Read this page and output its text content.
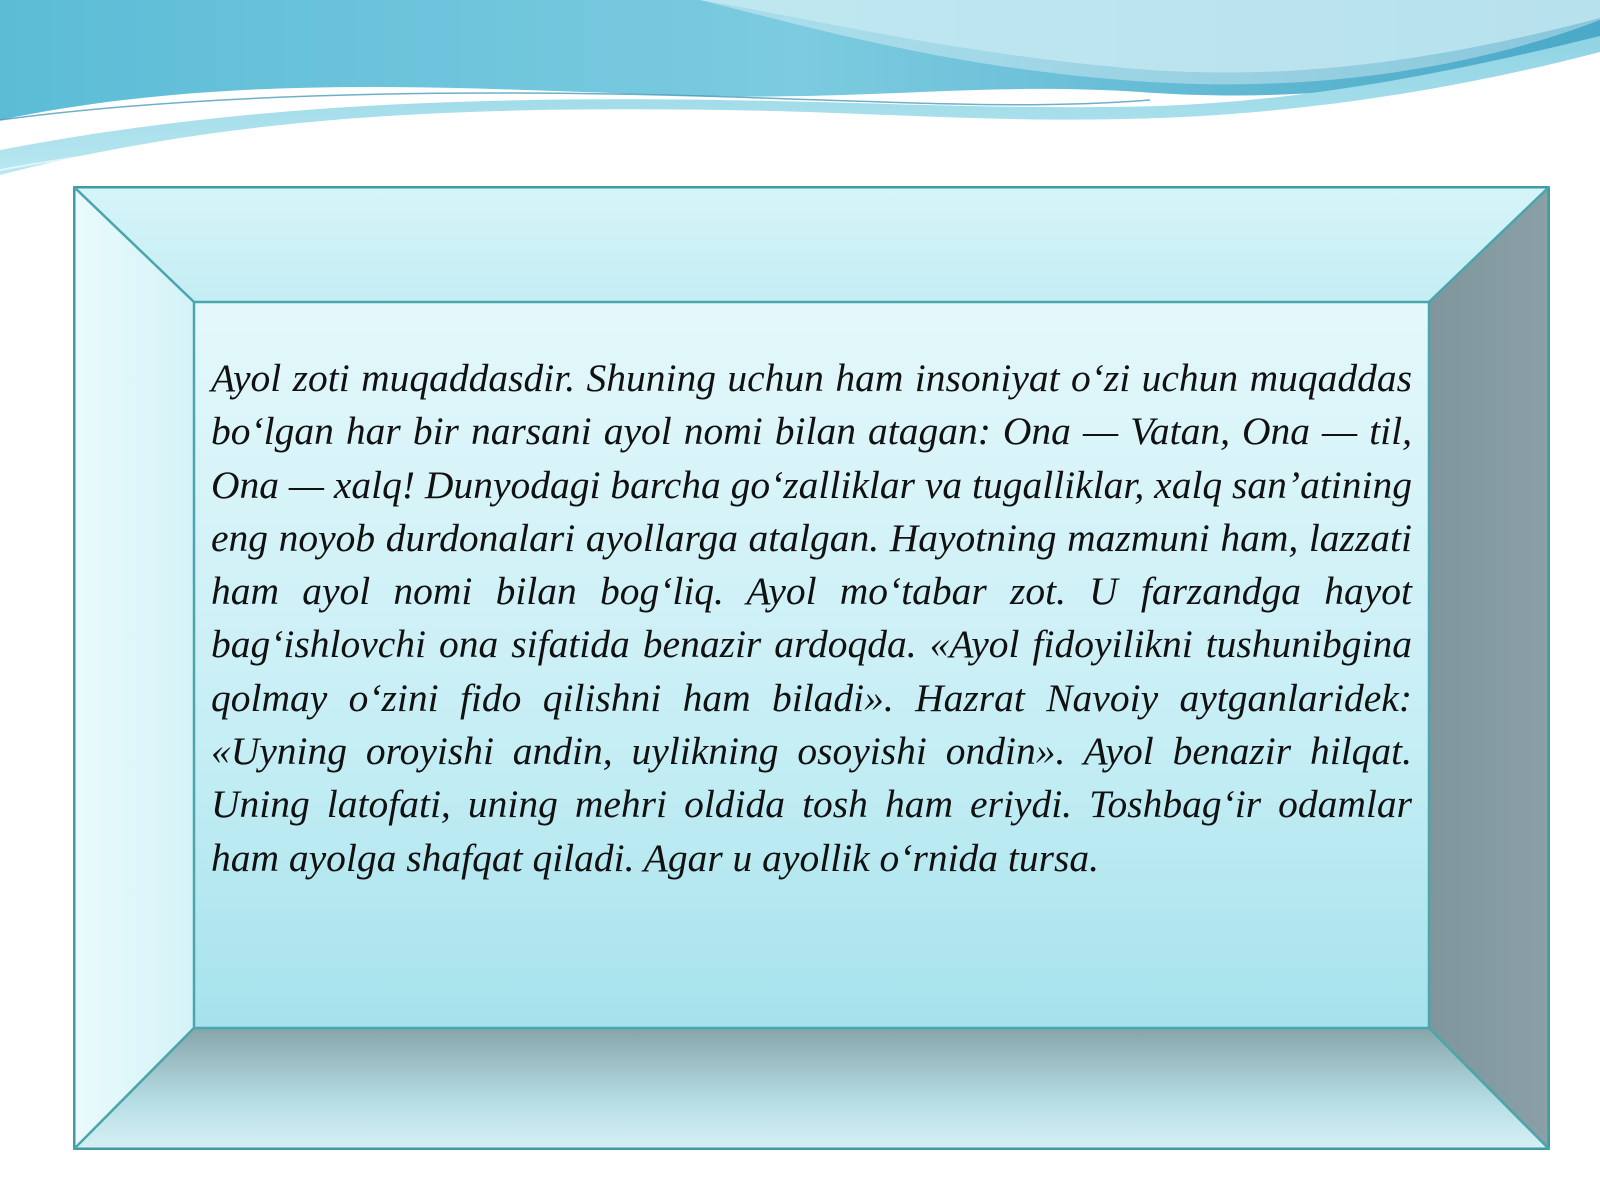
Ayol zoti muqaddasdir. Shuning uchun ham insoniyat o‘zi uchun muqaddas bo‘lgan har bir narsani ayol nomi bilan atagan: Ona — Vatan, Ona — til, Ona — xalq! Dunyodagi barcha go‘zalliklar va tugalliklar, xalq san’atining eng noyob durdonalari ayollarga atalgan. Hayotning mazmuni ham, lazzati ham ayol nomi bilan bog‘liq. Ayol mo‘tabar zot. U farzandga hayot bag‘ishlovchi ona sifatida benazir ardoqda. «Ayol fidoyilikni tushunibgina qolmay o‘zini fido qilishni ham biladi». Hazrat Navoiy aytganlaridek: «Uyning oroyishi andin, uylikning osoyishi ondin». Ayol benazir hilqat. Uning latofati, uning mehri oldida tosh ham eriydi. Toshbag‘ir odamlar ham ayolga shafqat qiladi. Agar u ayollik o‘rnida tursa.
